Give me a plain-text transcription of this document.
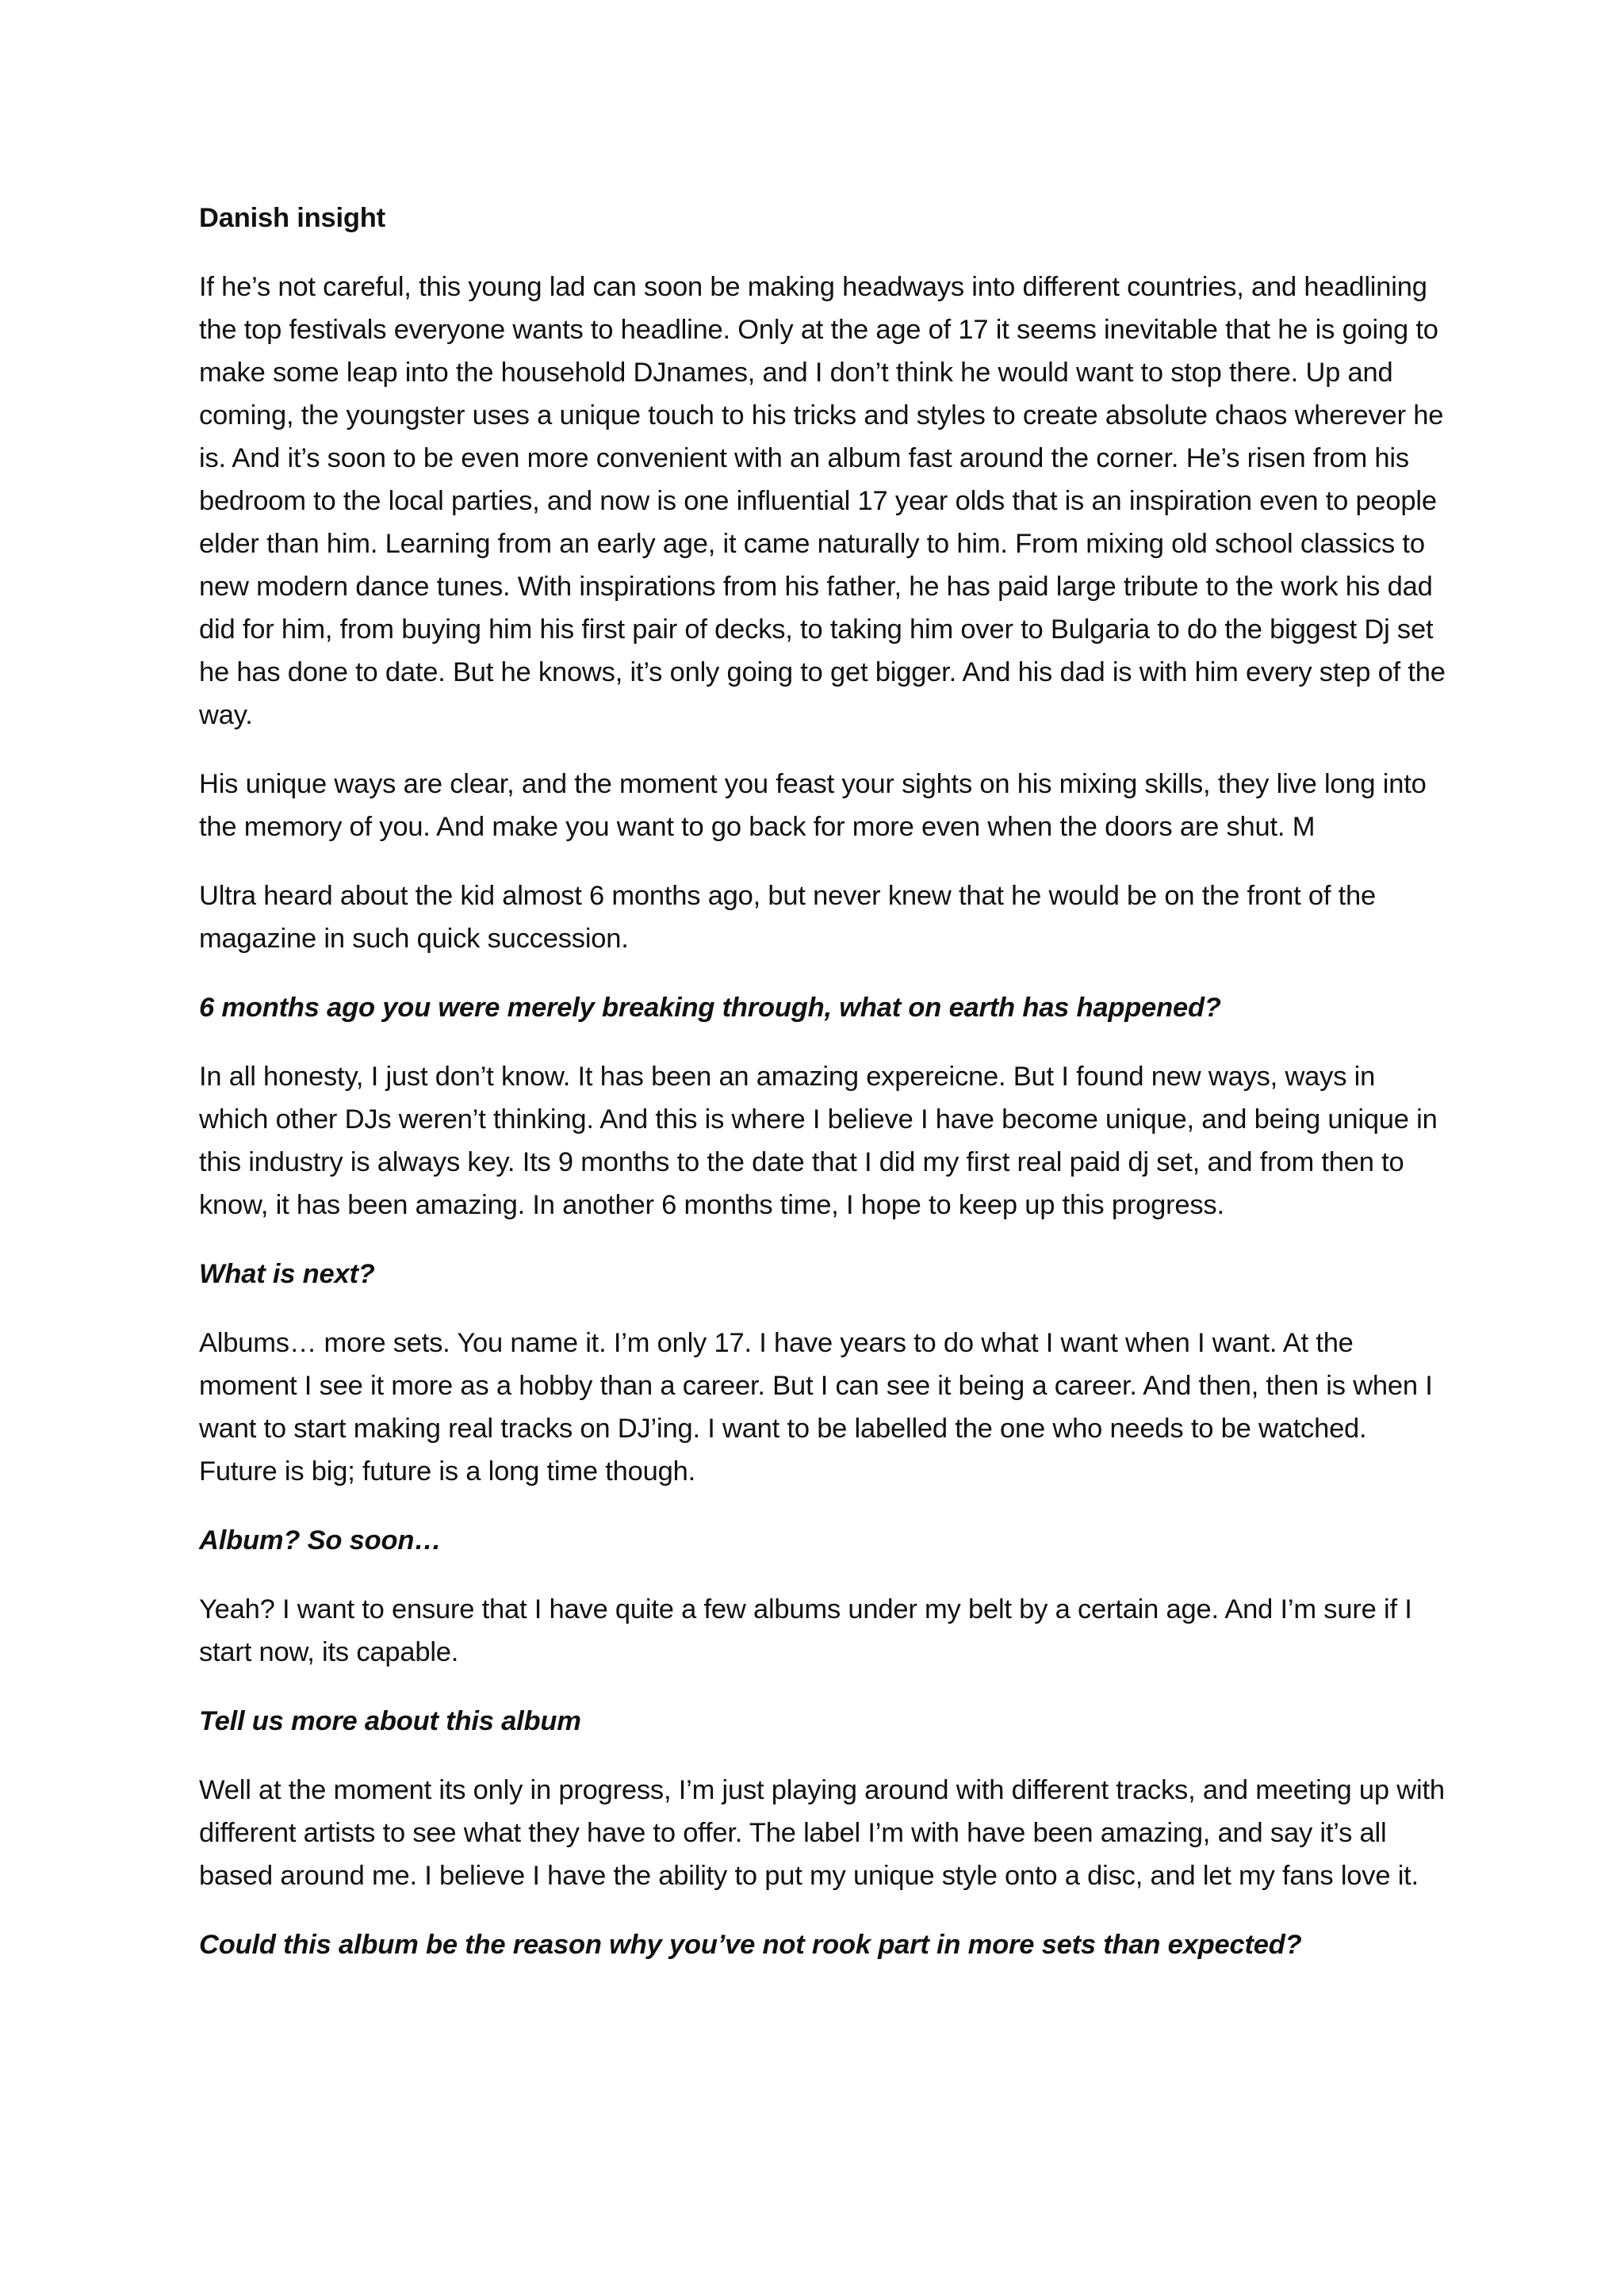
Danish insight

If he’s not careful, this young lad can soon be making headways into different countries, and headlining the top festivals everyone wants to headline. Only at the age of 17 it seems inevitable that he is going to make some leap into the household DJnames, and I don’t think he would want to stop there. Up and coming, the youngster uses a unique touch to his tricks and styles to create absolute chaos wherever he is. And it’s soon to be even more convenient with an album fast around the corner. He’s risen from his bedroom to the local parties, and now is one influential 17 year olds that is an inspiration even to people elder than him. Learning from an early age, it came naturally to him. From mixing old school classics to new modern dance tunes. With inspirations from his father, he has paid large tribute to the work his dad did for him, from buying him his first pair of decks, to taking him over to Bulgaria to do the biggest Dj set he has done to date. But he knows, it’s only going to get bigger. And his dad is with him every step of the way.

His unique ways are clear, and the moment you feast your sights on his mixing skills, they live long into the memory of you. And make you want to go back for more even when the doors are shut. M

Ultra heard about the kid almost 6 months ago, but never knew that he would be on the front of the magazine in such quick succession.

6 months ago you were merely breaking through, what on earth has happened?

In all honesty, I just don’t know. It has been an amazing expereicne. But I found new ways, ways in which other DJs weren’t thinking. And this is where I believe I have become unique, and being unique in this industry is always key. Its 9 months to the date that I did my first real paid dj set, and from then to know, it has been amazing. In another 6 months time, I hope to keep up this progress.

What is next?

Albums… more sets. You name it. I’m only 17. I have years to do what I want when I want. At the moment I see it more as a hobby than a career. But I can see it being a career. And then, then is when I want to start making real tracks on DJ’ing. I want to be labelled the one who needs to be watched. Future is big; future is a long time though.

Album? So soon…

Yeah? I want to ensure that I have quite a few albums under my belt by a certain age. And I’m sure if I start now, its capable.

Tell us more about this album

Well at the moment its only in progress, I’m just playing around with different tracks, and meeting up with different artists to see what they have to offer. The label I’m with have been amazing, and say it’s all based around me. I believe I have the ability to put my unique style onto a disc, and let my fans love it.

Could this album be the reason why you’ve not rook part in more sets than expected?
